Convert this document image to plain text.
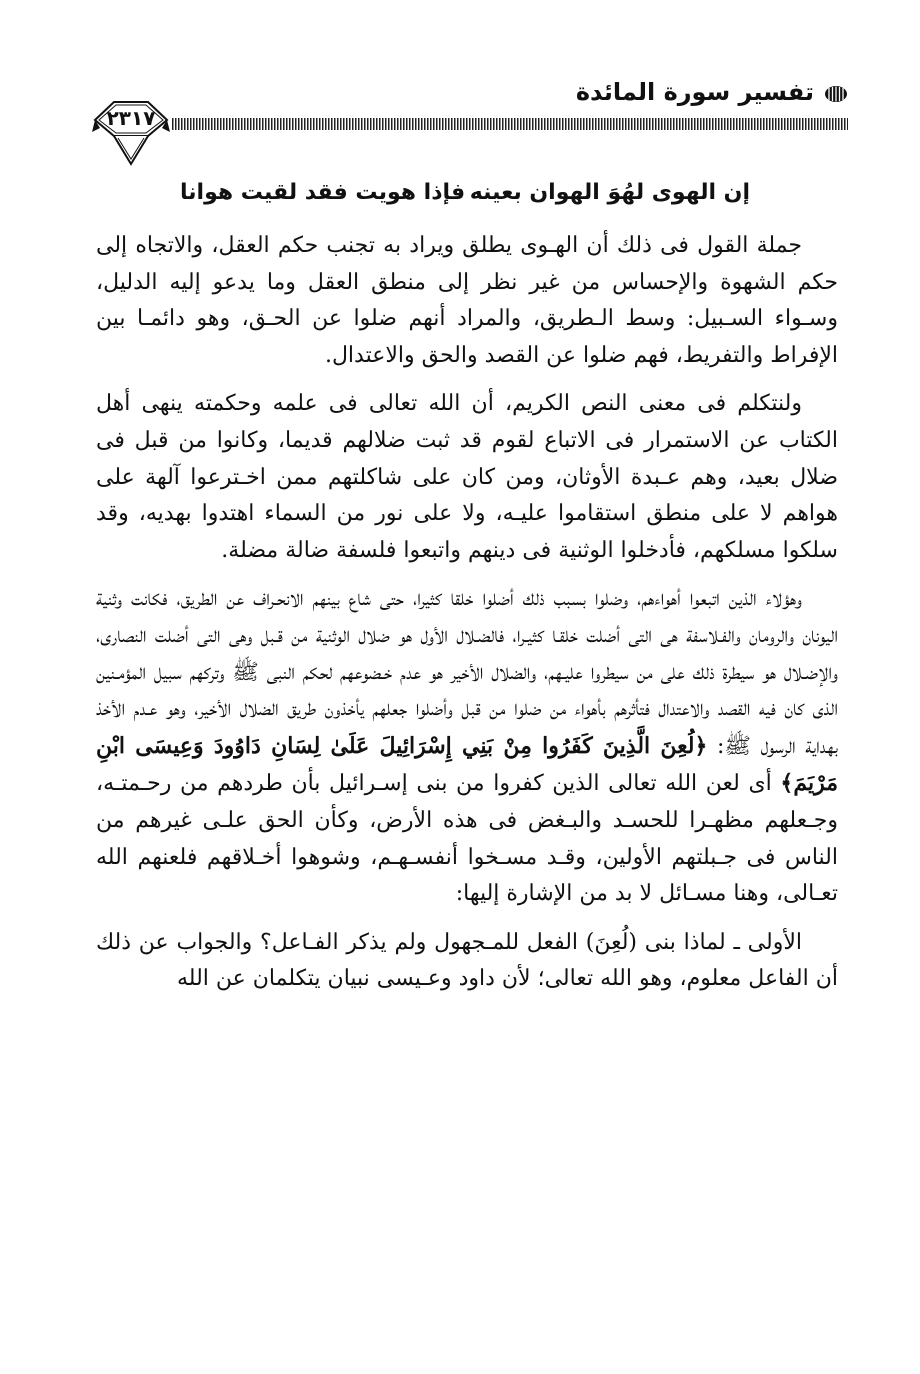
تفسير سورة المائدة
٢٣١٧
إن الهوى لهُوَ الهوان بعينه
فإذا هويت فقد لقيت هوانا

جملة القول فى ذلك أن الهـوى يطلق ويراد به تجنب حكم العقل، والاتجاه إلى حكم الشهوة والإحساس من غير نظر إلى منطق العقل وما يدعو إليه الدليل، وسـواء السـبيل: وسط الـطريق، والمراد أنهم ضلوا عن الحـق، وهو دائمـا بين الإفراط والتفريط، فهم ضلوا عن القصد والحق والاعتدال.

ولنتكلم فى معنى النص الكريم، أن الله تعالى فى علمه وحكمته ينهى أهل الكتاب عن الاستمرار فى الاتباع لقوم قد ثبت ضلالهم قديما، وكانوا من قبل فى ضلال بعيد، وهم عـبدة الأوثان، ومن كان على شاكلتهم ممن اخـترعوا آلهة على هواهم لا على منطق استقاموا عليـه، ولا على نور من السماء اهتدوا بهديه، وقد سلكوا مسلكهم، فأدخلوا الوثنية فى دينهم واتبعوا فلسفة ضالة مضلة.

وهؤلاء الذين اتبعوا أهواءهم، وضلوا بسبب ذلك أضلوا خلقا كثيرا، حتى شاع بينهم الانحـراف عن الطريق، فكانت وثنية اليونان والرومان والفـلاسفة هى التى أضلت خلقـا كثيـرا، فالضـلال الأول هو ضلال الوثنية من قـبل وهى التى أضلت النصارى، والإضـلال هو سيطرة ذلك على من سيطروا عليـهم، والضلال الأخير هو عدم خـضوعهم لحكم النبى ﷺ وتركهم سبيل المؤمـنين الذى كان فيه القصد والاعتدال فتأثرهم بأهواء من ضلوا من قبل وأضلوا جعلهم يأخذون طريق الضلال الأخير، وهو عـدم الأخذ بهداية الرسول ﷺ: ﴿لُعِنَ الَّذِينَ كَفَرُوا مِنْ بَنِي إِسْرَائِيلَ عَلَىٰ لِسَانِ دَاوُودَ وَعِيسَى ابْنِ مَرْيَمَ﴾ أى لعن الله تعالى الذين كفروا من بنى إسـرائيل بأن طردهم من رحـمتـه، وجـعلهم مظهـرا للحسـد والبـغض فى هذه الأرض، وكأن الحق علـى غيرهم من الناس فى جـبلتهم الأولين، وقـد مسـخوا أنفسـهـم، وشوهوا أخـلاقهم فلعنهم الله تعـالى، وهنا مسـائل لا بد من الإشارة إليها:

الأولى ـ لماذا بنى (لُعِنَ) الفعل للمـجهول ولم يذكر الفـاعل؟ والجواب عن ذلك أن الفاعل معلوم، وهو الله تعالى؛ لأن داود وعـيسى نبيان يتكلمان عن الله
